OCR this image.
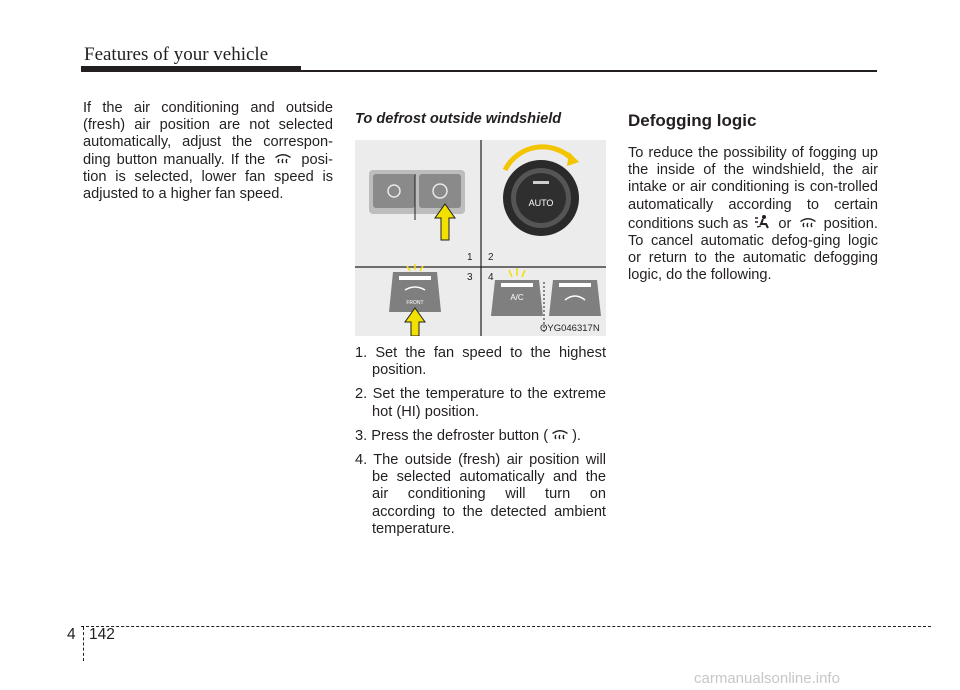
Features of your vehicle
If the air conditioning and outside (fresh) air position are not selected automatically, adjust the correspon-ding button manually. If the posi-tion is selected, lower fan speed is adjusted to a higher fan speed.
To defrost outside windshield
AUTO
1 2
3 4
FRONT
A/C
OYG046317N
1. Set the fan speed to the highest position.
2. Set the temperature to the extreme hot (HI) position.
3. Press the defroster button ( ).
4. The outside (fresh) air position will be selected automatically and the air conditioning will turn on according to the detected ambient temperature.
Defogging logic
To reduce the possibility of fogging up the inside of the windshield, the air intake or air conditioning is con-trolled automatically according to certain conditions such as or position. To cancel automatic defog-ging logic or return to the automatic defogging logic, do the following.
4 142
carmanualsonline.info
